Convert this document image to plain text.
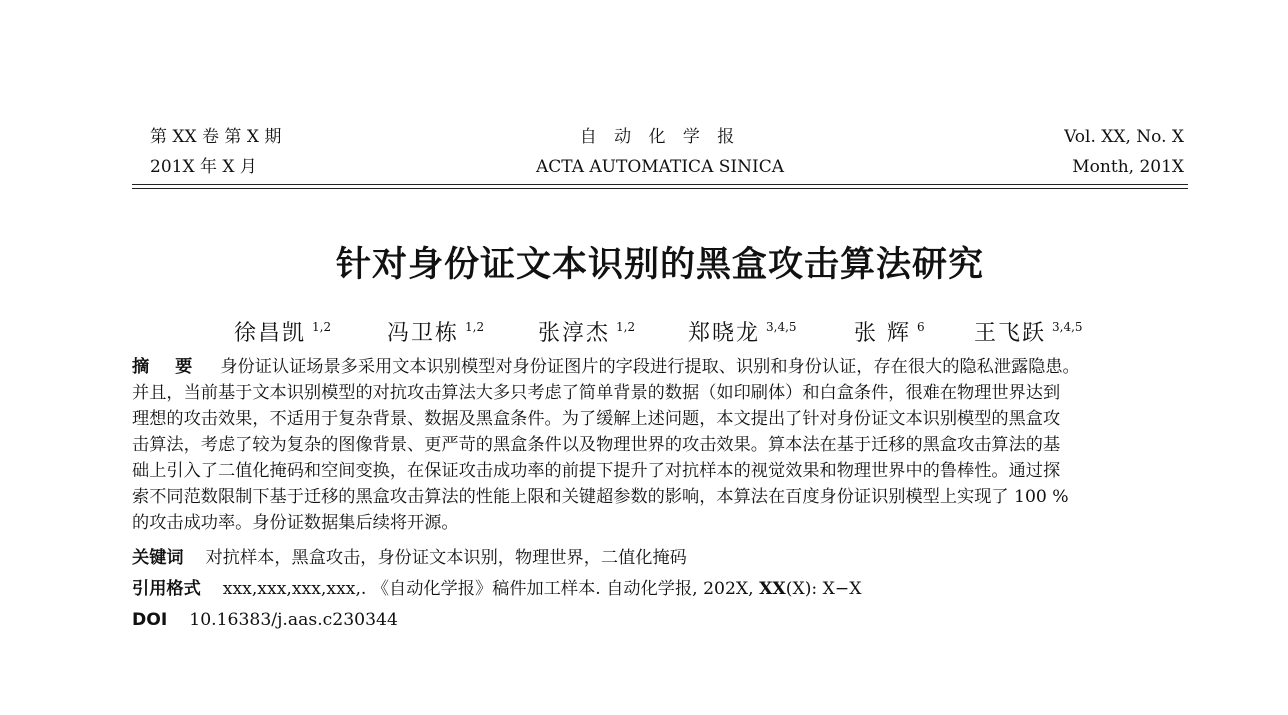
第 XX 卷 第 X 期	自 动 化 学 报	Vol. XX, No. X
201X 年 X 月	ACTA AUTOMATICA SINICA	Month, 201X
针对身份证文本识别的黑盒攻击算法研究
徐昌凯 $^{1,2}$	冯卫栋 $^{1,2}$ 张淳杰 $^{1,2}$ 郑晓龙 $^{3,4,5}$	张 辉 $^6$ 王飞跃 $^{3,4,5}$
摘 要 身份证认证场景多采用文本识别模型对身份证图片的字段进行提取、识别和身份认证，存在很大的隐私泄露隐患。
并且，当前基于文本识别模型的对抗攻击算法大多只考虑了简单背景的数据（如印刷体）和白盒条件，很难在物理世界达到
理想的攻击效果，不适用于复杂背景、数据及黑盒条件。为了缓解上述问题，本文提出了针对身份证文本识别模型的黑盒攻
击算法，考虑了较为复杂的图像背景、更严苛的黑盒条件以及物理世界的攻击效果。算本法在基于迁移的黑盒攻击算法的基
础上引入了二值化掩码和空间变换，在保证攻击成功率的前提下提升了对抗样本的视觉效果和物理世界中的鲁棒性。通过探
索不同范数限制下基于迁移的黑盒攻击算法的性能上限和关键超参数的影响，本算法在百度身份证识别模型上实现了 100 %
的攻击成功率。身份证数据集后续将开源。
关键词 对抗样本，黑盒攻击，身份证文本识别，物理世界，二值化掩码
引用格式 xxx,xxx,xxx,xxx,. 《自动化学报》稿件加工样本. 自动化学报, 202X, XX(X): X−X
DOI 10.16383/j.aas.c230344
